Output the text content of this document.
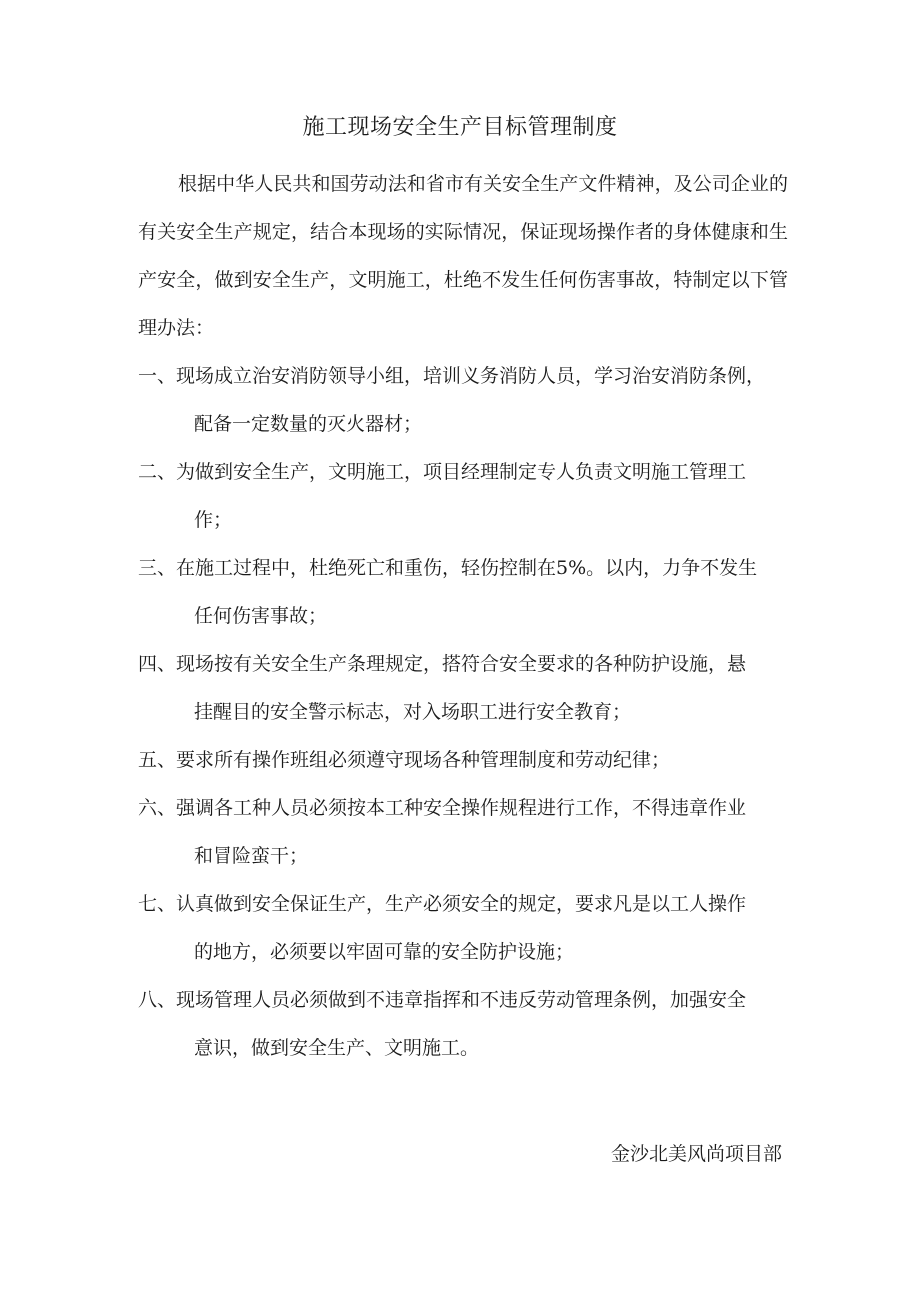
施工现场安全生产目标管理制度

根据中华人民共和国劳动法和省市有关安全生产文件精神，及公司企业的有关安全生产规定，结合本现场的实际情况，保证现场操作者的身体健康和生产安全，做到安全生产，文明施工，杜绝不发生任何伤害事故，特制定以下管理办法：

一、现场成立治安消防领导小组，培训义务消防人员，学习治安消防条例，
配备一定数量的灭火器材；
二、为做到安全生产，文明施工，项目经理制定专人负责文明施工管理工
作；
三、在施工过程中，杜绝死亡和重伤，轻伤控制在5%。以内，力争不发生
任何伤害事故；
四、现场按有关安全生产条理规定，搭符合安全要求的各种防护设施，悬
挂醒目的安全警示标志，对入场职工进行安全教育；
五、要求所有操作班组必须遵守现场各种管理制度和劳动纪律；
六、强调各工种人员必须按本工种安全操作规程进行工作，不得违章作业
和冒险蛮干；
七、认真做到安全保证生产，生产必须安全的规定，要求凡是以工人操作
的地方，必须要以牢固可靠的安全防护设施；
八、现场管理人员必须做到不违章指挥和不违反劳动管理条例，加强安全
意识，做到安全生产、文明施工。
金沙北美风尚项目部
